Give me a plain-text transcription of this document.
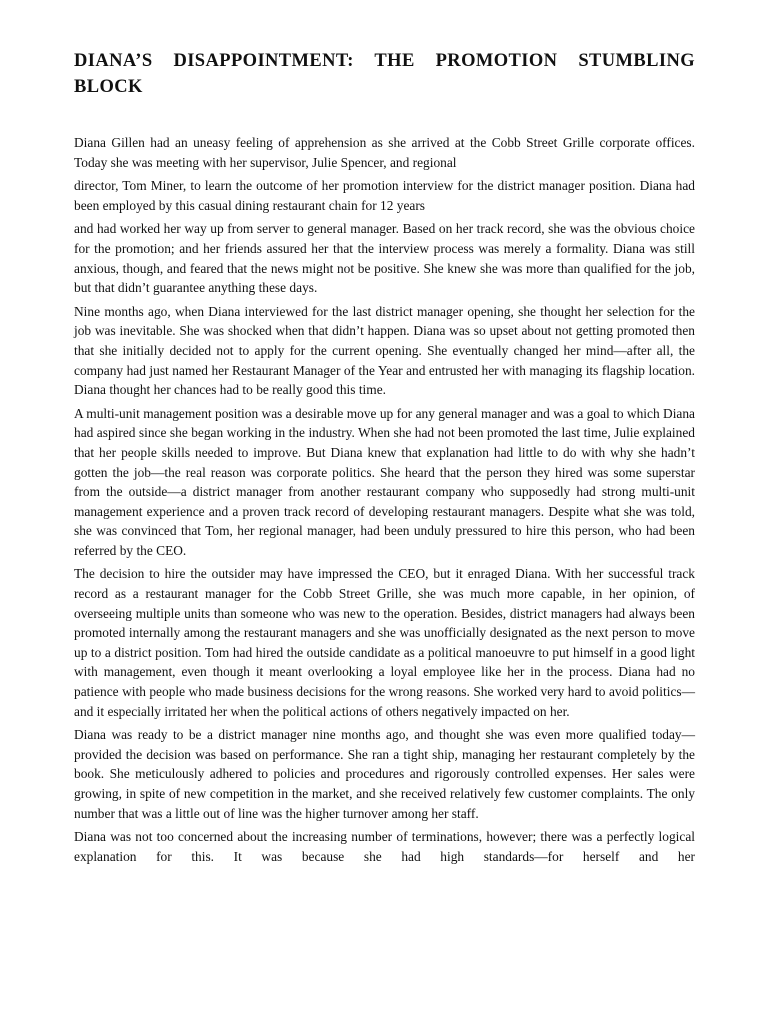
DIANA’S DISAPPOINTMENT: THE PROMOTION STUMBLING BLOCK

Diana Gillen had an uneasy feeling of apprehension as she arrived at the Cobb Street Grille corporate offices. Today she was meeting with her supervisor, Julie Spencer, and regional

director, Tom Miner, to learn the outcome of her promotion interview for the district manager position. Diana had been employed by this casual dining restaurant chain for 12 years

and had worked her way up from server to general manager. Based on her track record, she was the obvious choice for the promotion; and her friends assured her that the interview process was merely a formality. Diana was still anxious, though, and feared that the news might not be positive. She knew she was more than qualified for the job, but that didn’t guarantee anything these days.

Nine months ago, when Diana interviewed for the last district manager opening, she thought her selection for the job was inevitable. She was shocked when that didn’t happen. Diana was so upset about not getting promoted then that she initially decided not to apply for the current opening. She eventually changed her mind—after all, the company had just named her Restaurant Manager of the Year and entrusted her with managing its flagship location. Diana thought her chances had to be really good this time.

A multi-unit management position was a desirable move up for any general manager and was a goal to which Diana had aspired since she began working in the industry. When she had not been promoted the last time, Julie explained that her people skills needed to improve. But Diana knew that explanation had little to do with why she hadn’t gotten the job—the real reason was corporate politics. She heard that the person they hired was some superstar from the outside—a district manager from another restaurant company who supposedly had strong multi-unit management experience and a proven track record of developing restaurant managers. Despite what she was told, she was convinced that Tom, her regional manager, had been unduly pressured to hire this person, who had been referred by the CEO.

The decision to hire the outsider may have impressed the CEO, but it enraged Diana. With her successful track record as a restaurant manager for the Cobb Street Grille, she was much more capable, in her opinion, of overseeing multiple units than someone who was new to the operation. Besides, district managers had always been promoted internally among the restaurant managers and she was unofficially designated as the next person to move up to a district position. Tom had hired the outside candidate as a political manoeuvre to put himself in a good light with management, even though it meant overlooking a loyal employee like her in the process. Diana had no patience with people who made business decisions for the wrong reasons. She worked very hard to avoid politics—and it especially irritated her when the political actions of others negatively impacted on her.

Diana was ready to be a district manager nine months ago, and thought she was even more qualified today—provided the decision was based on performance. She ran a tight ship, managing her restaurant completely by the book. She meticulously adhered to policies and procedures and rigorously controlled expenses. Her sales were growing, in spite of new competition in the market, and she received relatively few customer complaints. The only number that was a little out of line was the higher turnover among her staff.

Diana was not too concerned about the increasing number of terminations, however; there was a perfectly logical explanation for this. It was because she had high standards—for herself and her
